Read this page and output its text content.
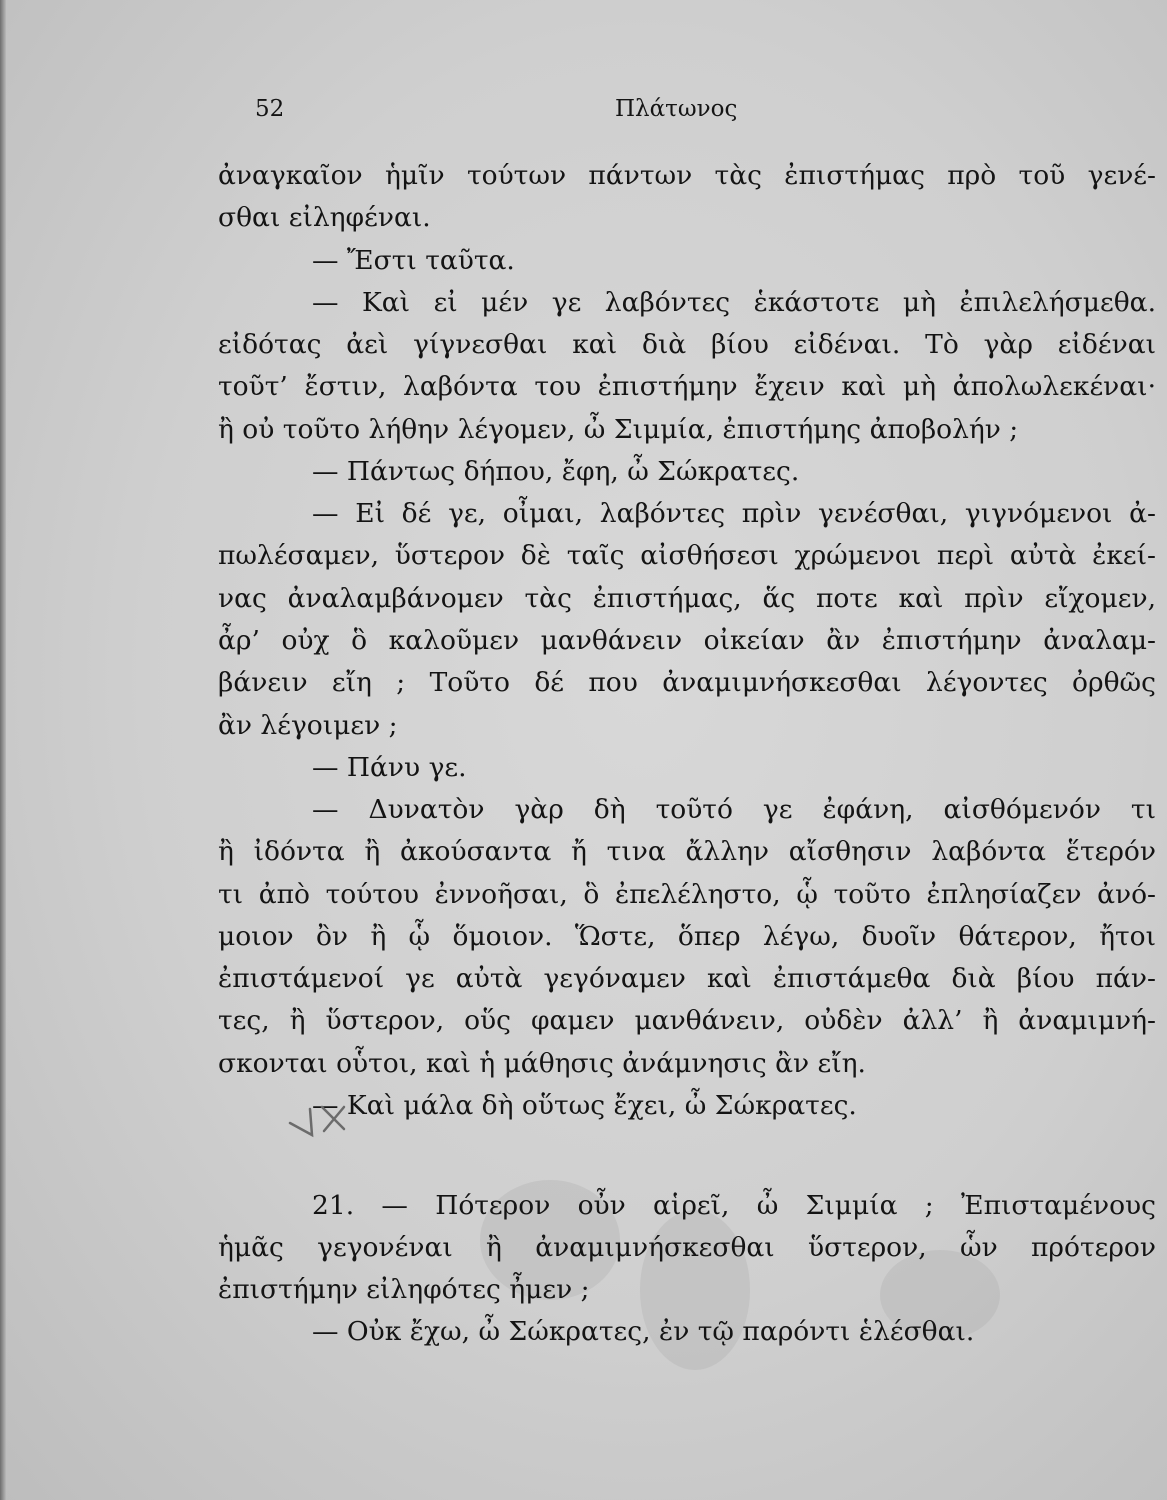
52	Πλάτωνος
ἀναγκαῖον ἡμῖν τούτων πάντων τὰς ἐπιστήμας πρὸ τοῦ γενέ-
σθαι εἰληφέναι.
— Ἔστι ταῦτα.
— Καὶ εἰ μέν γε λαβόντες ἑκάστοτε μὴ ἐπιλελήσμεθα.
εἰδότας ἀεὶ γίγνεσθαι καὶ διὰ βίου εἰδέναι. Τὸ γὰρ εἰδέναι
τοῦτ’ ἔστιν, λαβόντα του ἐπιστήμην ἔχειν καὶ μὴ ἀπολωλεκέναι·
ἢ οὐ τοῦτο λήθην λέγομεν, ὦ Σιμμία, ἐπιστήμης ἀποβολήν ;
— Πάντως δήπου, ἔφη, ὦ Σώκρατες.
— Εἰ δέ γε, οἶμαι, λαβόντες πρὶν γενέσθαι, γιγνόμενοι ἀ-
πωλέσαμεν, ὕστερον δὲ ταῖς αἰσθήσεσι χρώμενοι περὶ αὐτὰ ἐκεί-
νας ἀναλαμβάνομεν τὰς ἐπιστήμας, ἅς ποτε καὶ πρὶν εἴχομεν,
ἆρ’ οὐχ ὃ καλοῦμεν μανθάνειν οἰκείαν ἂν ἐπιστήμην ἀναλαμ-
βάνειν εἴη ; Τοῦτο δέ που ἀναμιμνήσκεσθαι λέγοντες ὀρθῶς
ἂν λέγοιμεν ;
— Πάνυ γε.
— Δυνατὸν γὰρ δὴ τοῦτό γε ἐφάνη, αἰσθόμενόν τι
ἢ ἰδόντα ἢ ἀκούσαντα ἤ τινα ἄλλην αἴσθησιν λαβόντα ἕτερόν
τι ἀπὸ τούτου ἐννοῆσαι, ὃ ἐπελέληστο, ᾧ τοῦτο ἐπλησίαζεν ἀνό-
μοιον ὂν ἢ ᾧ ὅμοιον. Ὥστε, ὅπερ λέγω, δυοῖν θάτερον, ἤτοι
ἐπιστάμενοί γε αὐτὰ γεγόναμεν καὶ ἐπιστάμεθα διὰ βίου πάν-
τες, ἢ ὕστερον, οὕς φαμεν μανθάνειν, οὐδὲν ἀλλ’ ἢ ἀναμιμνή-
σκονται οὗτοι, καὶ ἡ μάθησις ἀνάμνησις ἂν εἴη.
— Καὶ μάλα δὴ οὕτως ἔχει, ὦ Σώκρατες.
21. — Πότερον οὖν αἱρεῖ, ὦ Σιμμία ; Ἐπισταμένους
ἡμᾶς γεγονέναι ἢ ἀναμιμνήσκεσθαι ὕστερον, ὧν πρότερον
ἐπιστήμην εἰληφότες ἦμεν ;
— Οὐκ ἔχω, ὦ Σώκρατες, ἐν τῷ παρόντι ἑλέσθαι.
